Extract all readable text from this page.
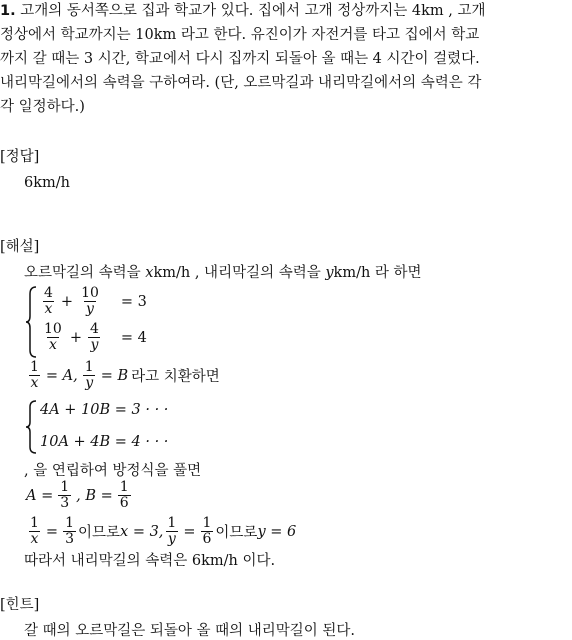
1. 고개의 동서쪽으로 집과 학교가 있다. 집에서 고개 정상까지는 4km , 고개
정상에서 학교까지는 10km 라고 한다. 유진이가 자전거를 타고 집에서 학교
까지 갈 때는 3 시간, 학교에서 다시 집까지 되돌아 올 때는 4 시간이 걸렸다.
내리막길에서의 속력을 구하여라. (단, 오르막길과 내리막길에서의 속력은 각
각 일정하다.)
[정답]
6km/h
[해설]
오르막길의 속력을 xkm/h , 내리막길의 속력을 ykm/h 라 하면
$\frac{4}{x} + \frac{10}{y} = 3$
$\frac{10}{x} + \frac{4}{y} = 4$
$\frac{1}{x} = A$, $\frac{1}{y} = B$ 라고 치환하면
4A + 10B = 3 · · ·
10A + 4B = 4 · · ·
, 을 연립하여 방정식을 풀면
$A = \frac{1}{3}$ , $B = \frac{1}{6}$
$\frac{1}{x} = \frac{1}{3}$ 이므로 x = 3, $\frac{1}{y} = \frac{1}{6}$ 이므로 y = 6
따라서 내리막길의 속력은 6km/h 이다.
[힌트]
갈 때의 오르막길은 되돌아 올 때의 내리막길이 된다.
